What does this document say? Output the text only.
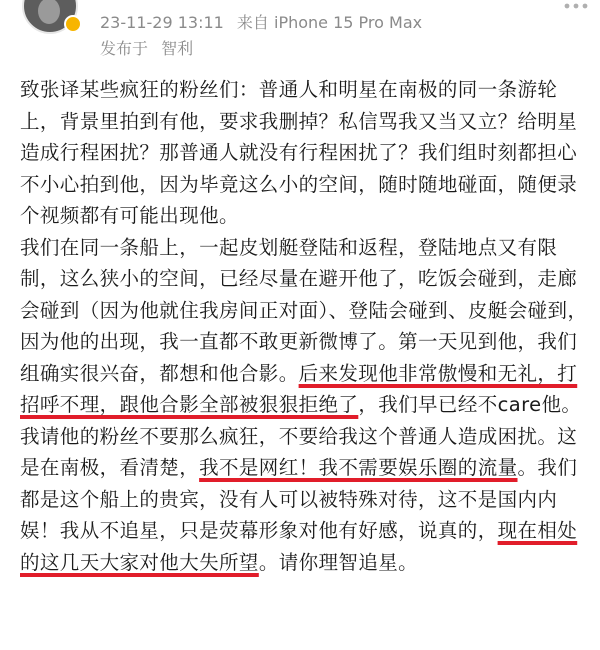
23-11-29 13:11 来自 iPhone 15 Pro Max
发布于 智利

致张译某些疯狂的粉丝们：普通人和明星在南极的同一条游轮上，背景里拍到有他，要求我删掉？私信骂我又当又立？给明星造成行程困扰？那普通人就没有行程困扰了？我们组时刻都担心不小心拍到他，因为毕竟这么小的空间，随时随地碰面，随便录个视频都有可能出现他。

我们在同一条船上，一起皮划艇登陆和返程，登陆地点又有限制，这么狭小的空间，已经尽量在避开他了，吃饭会碰到，走廊会碰到（因为他就住我房间正对面）、登陆会碰到、皮艇会碰到，因为他的出现，我一直都不敢更新微博了。第一天见到他，我们组确实很兴奋，都想和他合影。后来发现他非常傲慢和无礼，打招呼不理，跟他合影全部被狠狠拒绝了，我们早已经不care他。我请他的粉丝不要那么疯狂，不要给我这个普通人造成困扰。这是在南极，看清楚，我不是网红！我不需要娱乐圈的流量。我们都是这个船上的贵宾，没有人可以被特殊对待，这不是国内内娱！我从不追星，只是荧幕形象对他有好感，说真的，现在相处的这几天大家对他大失所望。请你理智追星。
